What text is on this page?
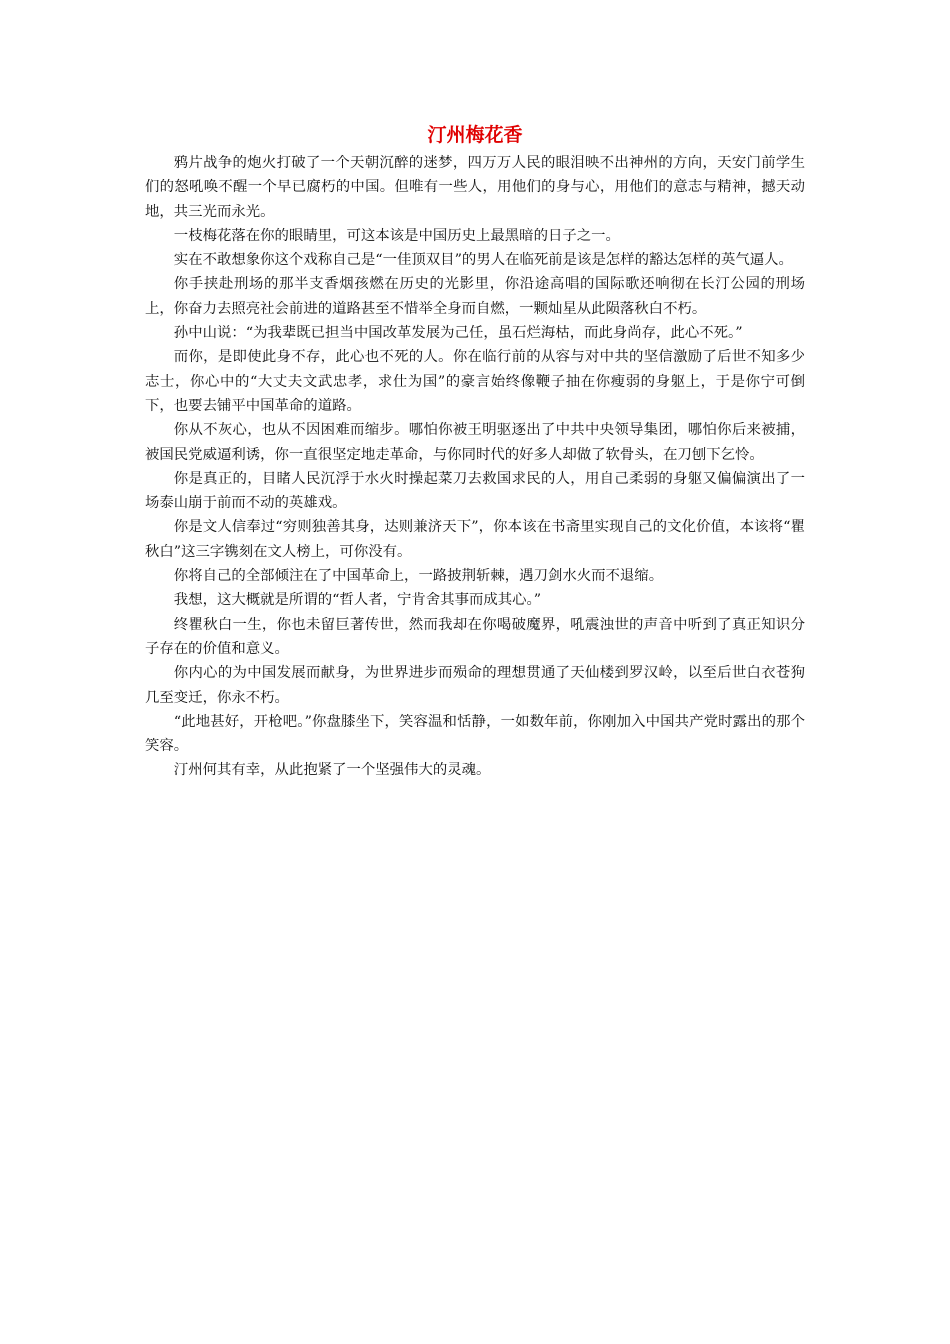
汀州梅花香

鸦片战争的炮火打破了一个天朝沉醉的迷梦，四万万人民的眼泪映不出神州的方向，天安门前学生们的怒吼唤不醒一个早已腐朽的中国。但唯有一些人，用他们的身与心，用他们的意志与精神，撼天动地，共三光而永光。

一枝梅花落在你的眼睛里，可这本该是中国历史上最黑暗的日子之一。

实在不敢想象你这个戏称自己是“一佳顶双目”的男人在临死前是该是怎样的豁达怎样的英气逼人。

你手挟赴刑场的那半支香烟孩燃在历史的光影里，你沿途高唱的国际歌还响彻在长汀公园的刑场上，你奋力去照亮社会前进的道路甚至不惜举全身而自燃，一颗灿星从此陨落秋白不朽。

孙中山说：“为我辈既已担当中国改革发展为己任，虽石烂海枯，而此身尚存，此心不死。”

而你，是即使此身不存，此心也不死的人。你在临行前的从容与对中共的坚信激励了后世不知多少志士，你心中的“大丈夫文武忠孝，求仕为国”的豪言始终像鞭子抽在你瘦弱的身躯上，于是你宁可倒下，也要去铺平中国革命的道路。

你从不灰心，也从不因困难而缩步。哪怕你被王明驱逐出了中共中央领导集团，哪怕你后来被捕，被国民党威逼利诱，你一直很坚定地走革命，与你同时代的好多人却做了软骨头，在刀刨下乞怜。

你是真正的，目睹人民沉浮于水火时操起菜刀去救国求民的人，用自己柔弱的身躯又偏偏演出了一场泰山崩于前而不动的英雄戏。

你是文人信奉过“穷则独善其身，达则兼济天下”，你本该在书斋里实现自己的文化价值，本该将“瞿秋白”这三字镌刻在文人榜上，可你没有。

你将自己的全部倾注在了中国革命上，一路披荆斩棘，遇刀剑水火而不退缩。

我想，这大概就是所谓的“哲人者，宁肯舍其事而成其心。”

终瞿秋白一生，你也未留巨著传世，然而我却在你喝破魔界，吼震浊世的声音中听到了真正知识分子存在的价值和意义。

你内心的为中国发展而献身，为世界进步而殒命的理想贯通了天仙楼到罗汉岭，以至后世白衣苍狗几至变迁，你永不朽。

“此地甚好，开枪吧。”你盘膝坐下，笑容温和恬静，一如数年前，你刚加入中国共产党时露出的那个笑容。

汀州何其有幸，从此抱紧了一个坚强伟大的灵魂。
